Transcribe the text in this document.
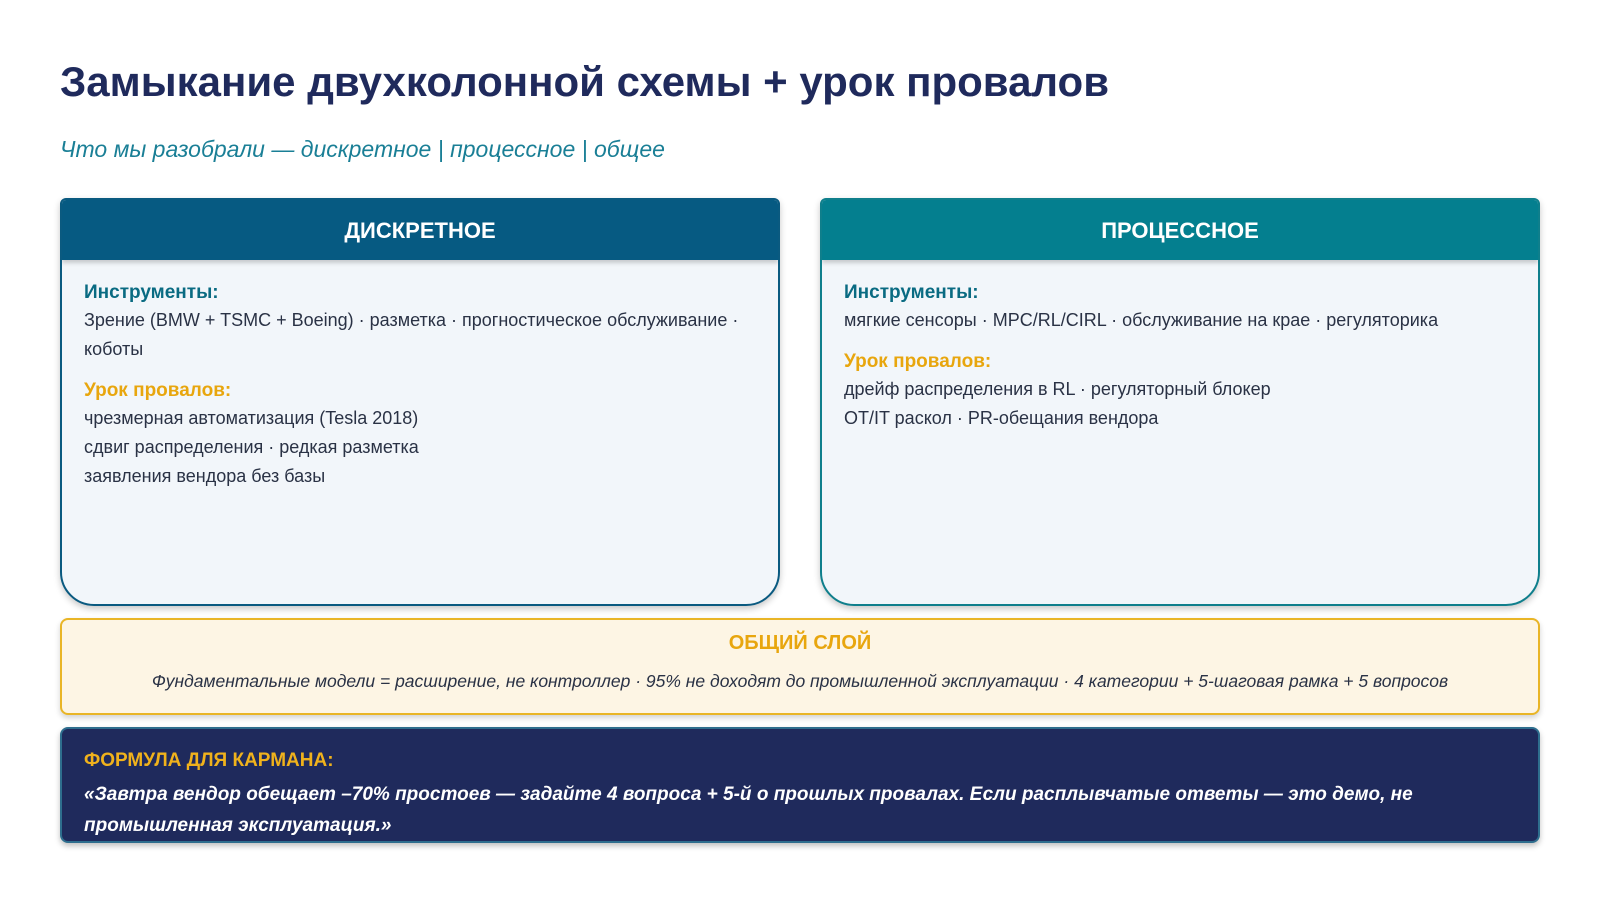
Замыкание двухколонной схемы + урок провалов
Что мы разобрали — дискретное | процессное | общее
ДИСКРЕТНОЕ
Инструменты:
Зрение (BMW + TSMC + Boeing) · разметка · прогностическое обслуживание ·
коботы
Урок провалов:
чрезмерная автоматизация (Tesla 2018)
сдвиг распределения · редкая разметка
заявления вендора без базы
ПРОЦЕССНОЕ
Инструменты:
мягкие сенсоры · MPC/RL/CIRL · обслуживание на крае · регуляторика
Урок провалов:
дрейф распределения в RL · регуляторный блокер
OT/IT раскол · PR-обещания вендора
ОБЩИЙ СЛОЙ
Фундаментальные модели = расширение, не контроллер · 95% не доходят до промышленной эксплуатации · 4 категории + 5-шаговая рамка + 5 вопросов
ФОРМУЛА ДЛЯ КАРМАНА:
«Завтра вендор обещает –70% простоев — задайте 4 вопроса + 5-й о прошлых провалах. Если расплывчатые ответы — это демо, не
промышленная эксплуатация.»
